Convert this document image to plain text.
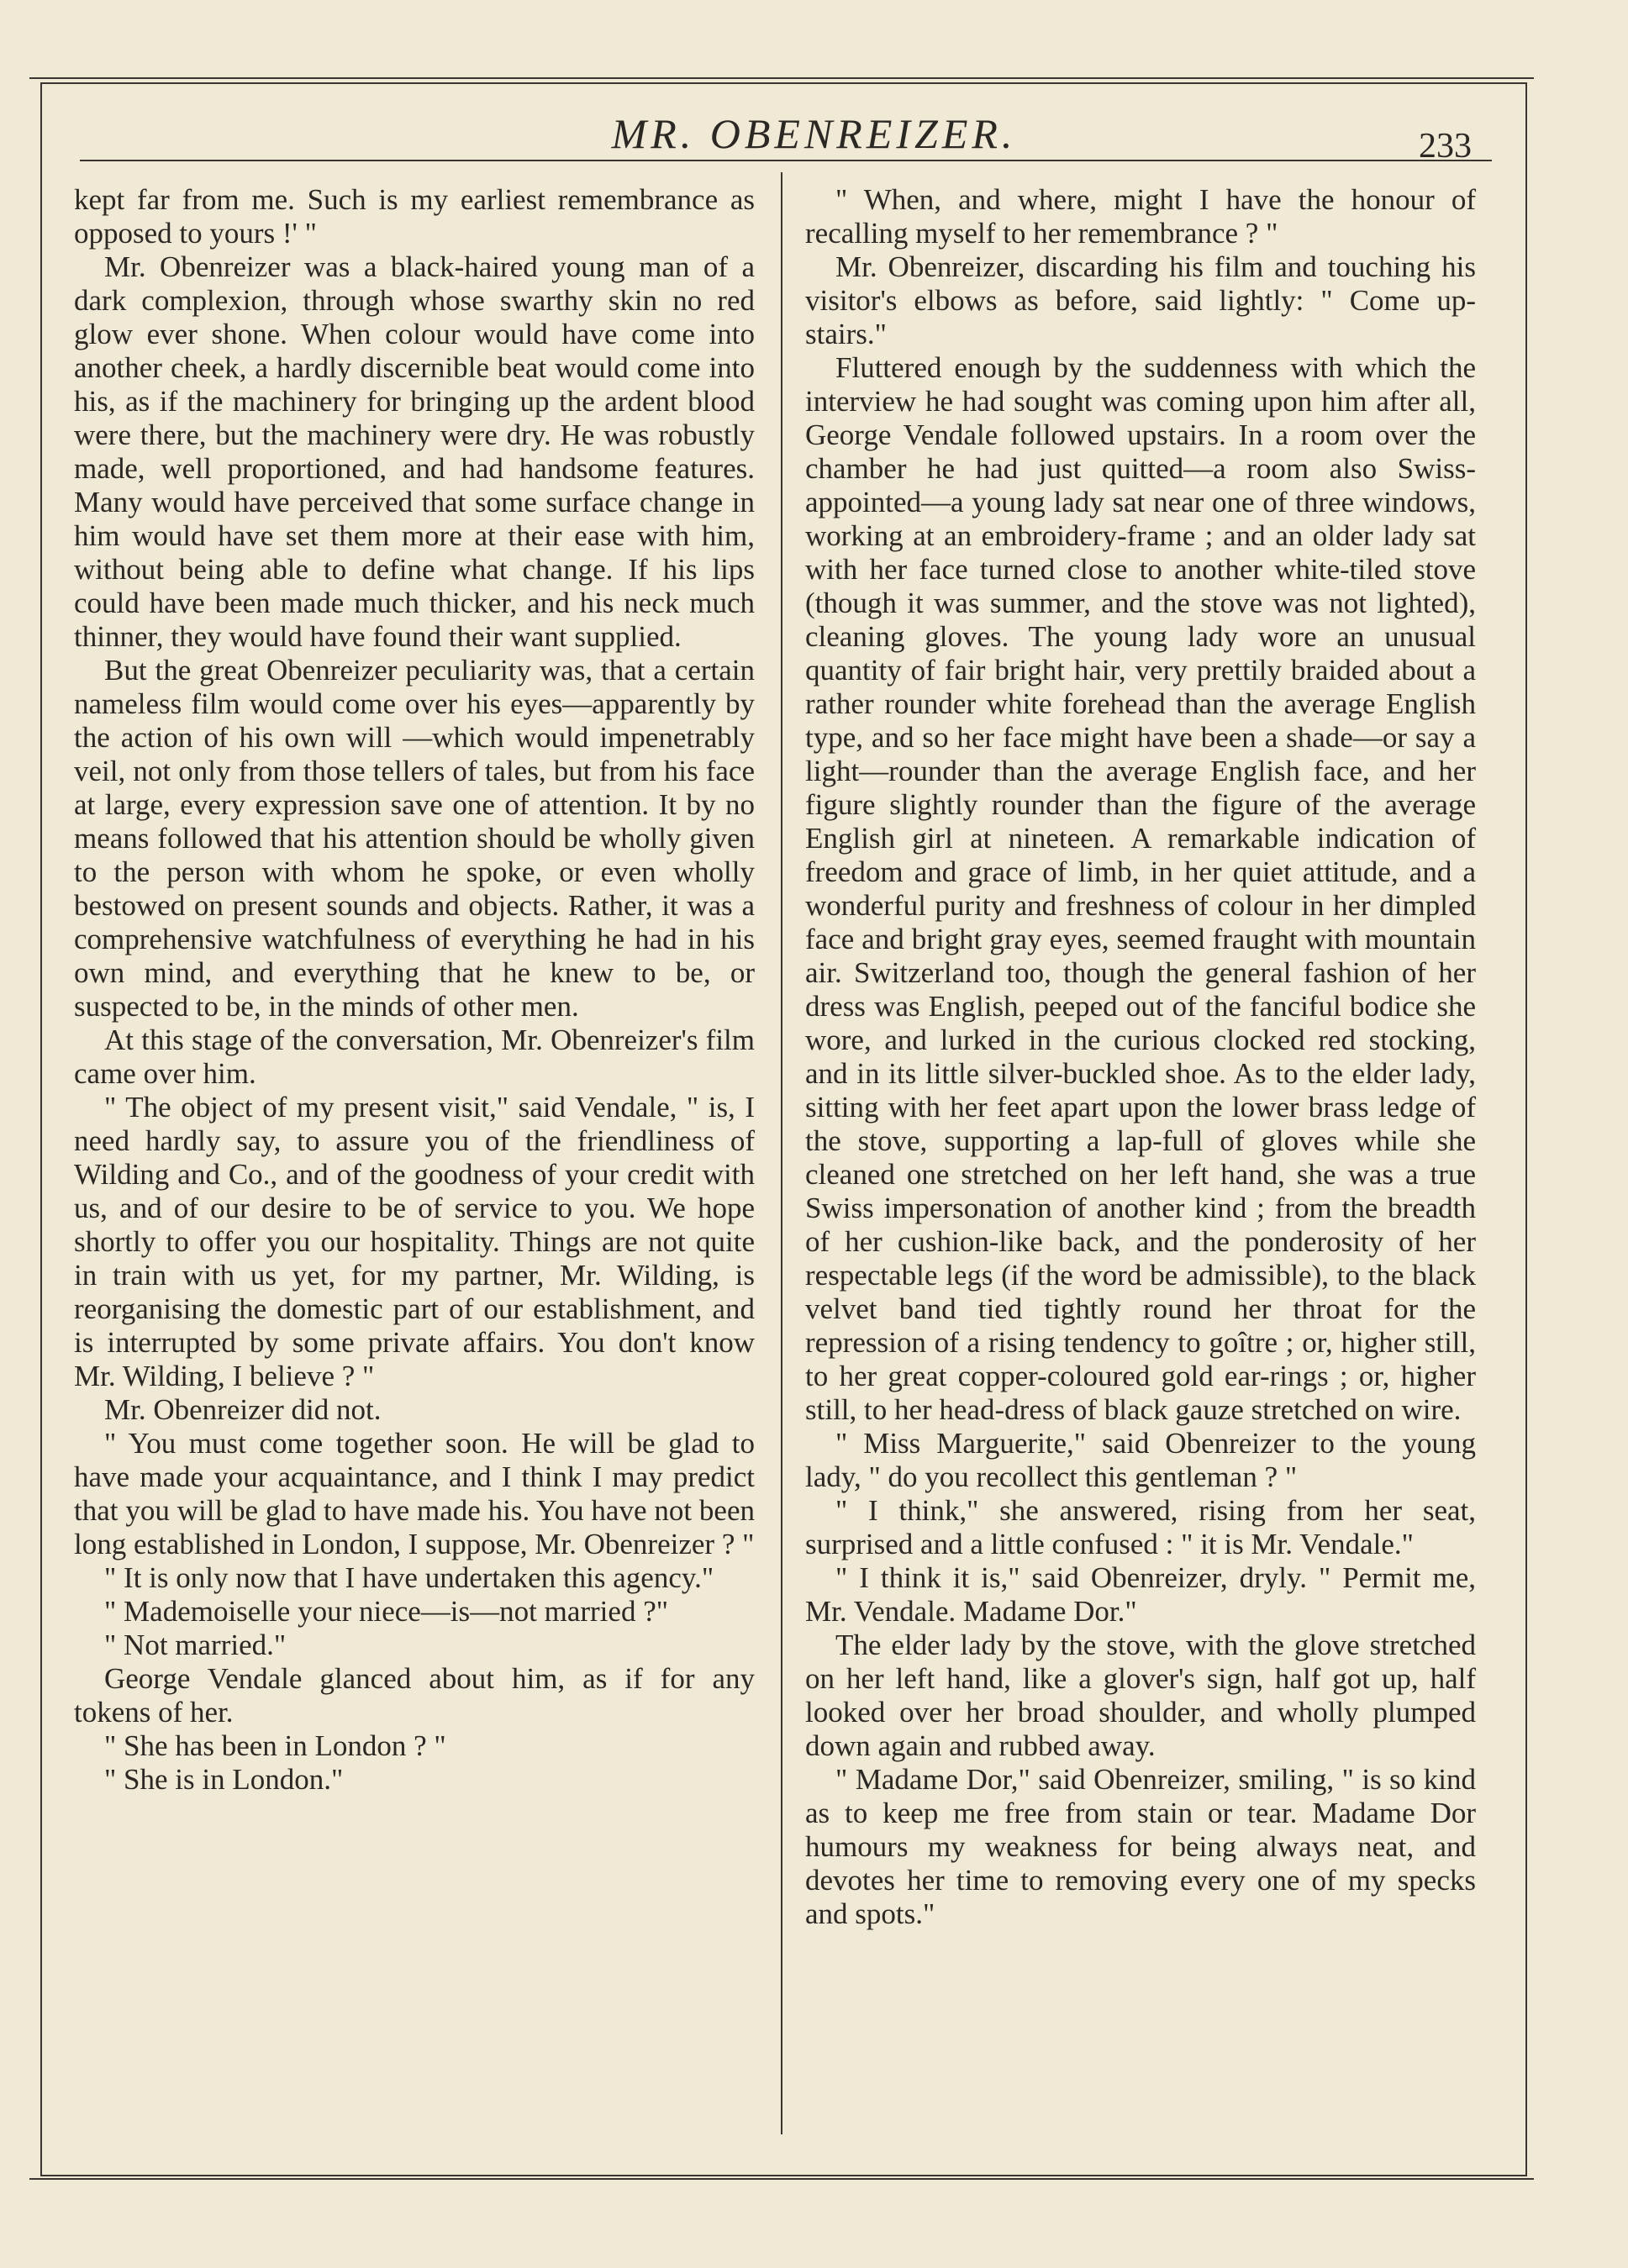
MR. OBENREIZER.	233

kept far from me. Such is my earliest remembrance as opposed to yours !' "

Mr. Obenreizer was a black-haired young man of a dark complexion, through whose swarthy skin no red glow ever shone. When colour would have come into another cheek, a hardly discernible beat would come into his, as if the machinery for bringing up the ardent blood were there, but the machinery were dry. He was robustly made, well proportioned, and had handsome features. Many would have perceived that some surface change in him would have set them more at their ease with him, without being able to define what change. If his lips could have been made much thicker, and his neck much thinner, they would have found their want supplied.

But the great Obenreizer peculiarity was, that a certain nameless film would come over his eyes—apparently by the action of his own will —which would impenetrably veil, not only from those tellers of tales, but from his face at large, every expression save one of attention. It by no means followed that his attention should be wholly given to the person with whom he spoke, or even wholly bestowed on present sounds and objects. Rather, it was a comprehensive watchfulness of everything he had in his own mind, and everything that he knew to be, or suspected to be, in the minds of other men.

At this stage of the conversation, Mr. Obenreizer's film came over him.

" The object of my present visit," said Vendale, " is, I need hardly say, to assure you of the friendliness of Wilding and Co., and of the goodness of your credit with us, and of our desire to be of service to you. We hope shortly to offer you our hospitality. Things are not quite in train with us yet, for my partner, Mr. Wilding, is reorganising the domestic part of our establishment, and is interrupted by some private affairs. You don't know Mr. Wilding, I believe ? "

Mr. Obenreizer did not.

" You must come together soon. He will be glad to have made your acquaintance, and I think I may predict that you will be glad to have made his. You have not been long established in London, I suppose, Mr. Obenreizer ? "

" It is only now that I have undertaken this agency."

" Mademoiselle your niece—is—not married ?"

" Not married."

George Vendale glanced about him, as if for any tokens of her.

" She has been in London ? "

" She is in London."

" When, and where, might I have the honour of recalling myself to her remembrance ? "

Mr. Obenreizer, discarding his film and touching his visitor's elbows as before, said lightly: " Come up-stairs."

Fluttered enough by the suddenness with which the interview he had sought was coming upon him after all, George Vendale followed upstairs. In a room over the chamber he had just quitted—a room also Swiss-appointed—a young lady sat near one of three windows, working at an embroidery-frame ; and an older lady sat with her face turned close to another white-tiled stove (though it was summer, and the stove was not lighted), cleaning gloves. The young lady wore an unusual quantity of fair bright hair, very prettily braided about a rather rounder white forehead than the average English type, and so her face might have been a shade—or say a light—rounder than the average English face, and her figure slightly rounder than the figure of the average English girl at nineteen. A remarkable indication of freedom and grace of limb, in her quiet attitude, and a wonderful purity and freshness of colour in her dimpled face and bright gray eyes, seemed fraught with mountain air. Switzerland too, though the general fashion of her dress was English, peeped out of the fanciful bodice she wore, and lurked in the curious clocked red stocking, and in its little silver-buckled shoe. As to the elder lady, sitting with her feet apart upon the lower brass ledge of the stove, supporting a lap-full of gloves while she cleaned one stretched on her left hand, she was a true Swiss impersonation of another kind ; from the breadth of her cushion-like back, and the ponderosity of her respectable legs (if the word be admissible), to the black velvet band tied tightly round her throat for the repression of a rising tendency to goître ; or, higher still, to her great copper-coloured gold ear-rings ; or, higher still, to her head-dress of black gauze stretched on wire.

" Miss Marguerite," said Obenreizer to the young lady, " do you recollect this gentleman ? "

" I think," she answered, rising from her seat, surprised and a little confused : " it is Mr. Vendale."

" I think it is," said Obenreizer, dryly. " Permit me, Mr. Vendale. Madame Dor."

The elder lady by the stove, with the glove stretched on her left hand, like a glover's sign, half got up, half looked over her broad shoulder, and wholly plumped down again and rubbed away.

" Madame Dor," said Obenreizer, smiling, " is so kind as to keep me free from stain or tear. Madame Dor humours my weakness for being always neat, and devotes her time to removing every one of my specks and spots."
